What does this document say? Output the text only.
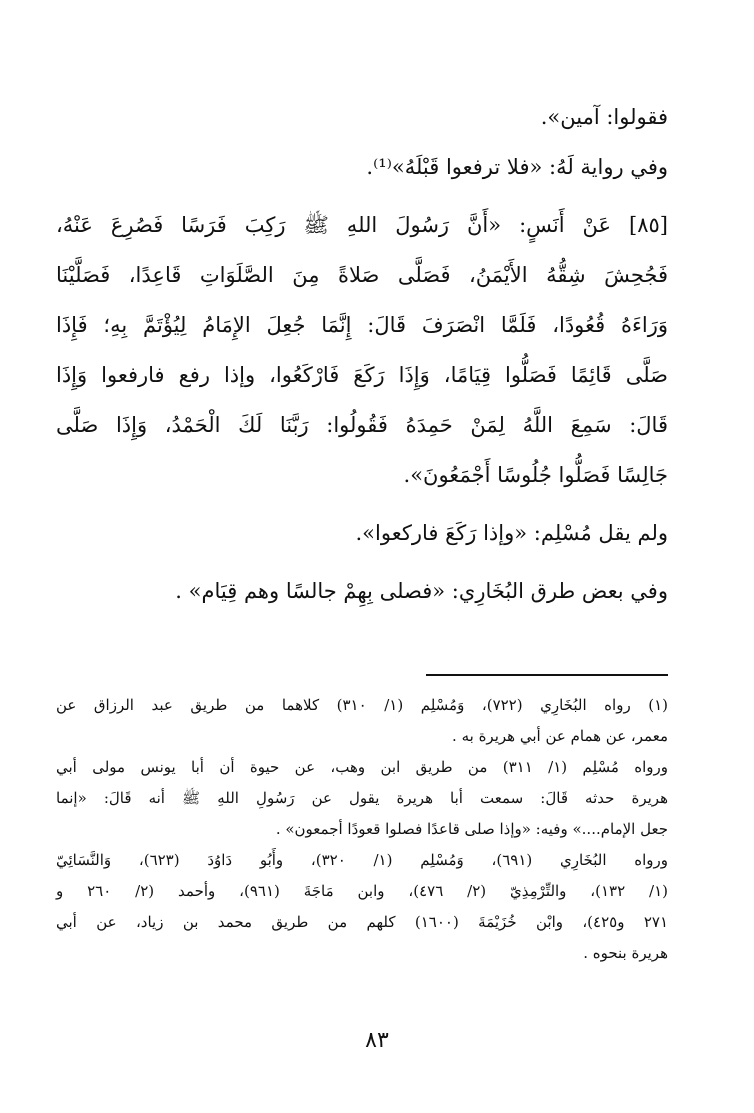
فقولوا: آمين».
وفي رواية لَهُ: «فلا ترفعوا قَبْلَهُ»⁽¹⁾.
[٨٥] عَنْ أَنَسٍ: «أَنَّ رَسُولَ اللهِ ﷺ رَكِبَ فَرَسًا فَصُرِعَ عَنْهُ،
فَجُحِشَ شِقُّهُ الأَيْمَنُ، فَصَلَّى صَلاةً مِنَ الصَّلَوَاتِ قَاعِدًا، فَصَلَّيْنَا
وَرَاءَهُ قُعُودًا، فَلَمَّا انْصَرَفَ قَالَ: إِنَّمَا جُعِلَ الإِمَامُ لِيُؤْتَمَّ بِهِ؛ فَإِذَا
صَلَّى قَائِمًا فَصَلُّوا قِيَامًا، وَإِذَا رَكَعَ فَارْكَعُوا، وإذا رفع فارفعوا وَإِذَا
قَالَ: سَمِعَ اللَّهُ لِمَنْ حَمِدَهُ فَقُولُوا: رَبَّنَا لَكَ الْحَمْدُ، وَإِذَا صَلَّى
جَالِسًا فَصَلُّوا جُلُوسًا أَجْمَعُونَ».
ولم يقل مُسْلِم: «وإذا رَكَعَ فاركعوا».
وفي بعض طرق البُخَارِي: «فصلى بِهِمْ جالسًا وهم قِيَام» .
(١) رواه البُخَارِي (٧٢٢)، وَمُسْلِم (١/ ٣١٠) كلاهما من طريق عبد الرزاق عن
معمر، عن همام عن أبي هريرة به .
ورواه مُسْلِم (١/ ٣١١) من طريق ابن وهب، عن حيوة أن أبا يونس مولى أبي
هريرة حدثه قَالَ: سمعت أبا هريرة يقول عن رَسُولِ اللهِ ﷺ أنه قَالَ: «إنما
جعل الإمام....» وفيه: «وإذا صلى قاعدًا فصلوا قعودًا أجمعون» .
ورواه البُخَارِي (٦٩١)، وَمُسْلِم (١/ ٣٢٠)، وأَبُو دَاوُدَ (٦٢٣)، وَالنَّسَائِيّ
(١/ ١٣٢)، والتِّرْمِذِيّ (٢/ ٤٧٦)، وابن مَاجَةَ (٩٦١)، وأحمد (٢/ ٢٦٠ و
٢٧١ و٤٢٥)، وابْن خُزَيْمَةَ (١٦٠٠) كلهم من طريق محمد بن زياد، عن أبي
هريرة بنحوه .
٨٣
